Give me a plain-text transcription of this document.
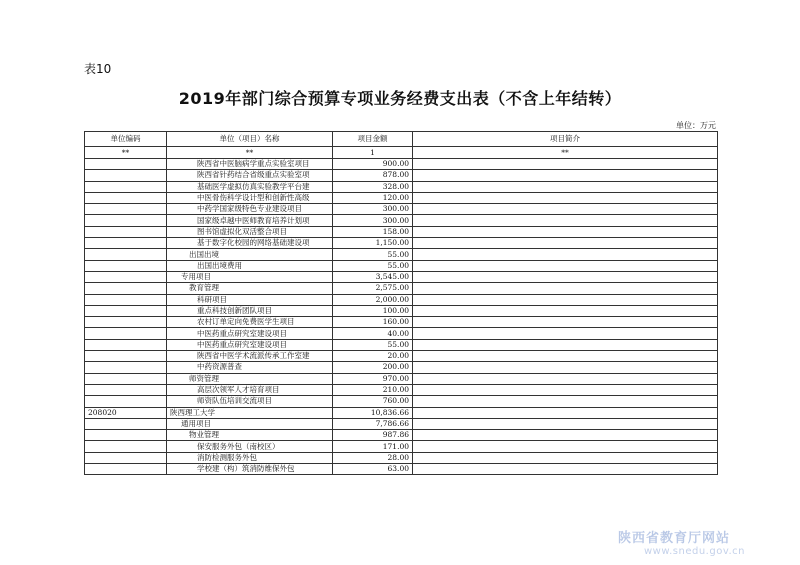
表10
2019年部门综合预算专项业务经费支出表（不含上年结转）
单位：万元
单位编码	单位（项目）名称	项目金额	项目简介
**	**	1	**
	陕西省中医脑病学重点实验室项目	900.00	
	陕西省针药结合省级重点实验室项	878.00	
	基础医学虚拟仿真实验教学平台建	328.00	
	中医骨伤科学设计型和创新性高级	120.00	
	中药学国家级特色专业建设项目	300.00	
	国家级卓越中医师教育培养计划项	300.00	
	图书馆虚拟化双活整合项目	158.00	
	基于数字化校园的网络基础建设项	1,150.00	
	出国出境	55.00	
	出国出境费用	55.00	
	专用项目	3,545.00	
	教育管理	2,575.00	
	科研项目	2,000.00	
	重点科技创新团队项目	100.00	
	农村订单定向免费医学生项目	160.00	
	中医药重点研究室建设项目	40.00	
	中医药重点研究室建设项目	55.00	
	陕西省中医学术流派传承工作室建	20.00	
	中药资源普查	200.00	
	师资管理	970.00	
	高层次领军人才培育项目	210.00	
	师资队伍培训交流项目	760.00	
208020	陕西理工大学	10,836.66	
	通用项目	7,786.66	
	物业管理	987.86	
	保安服务外包（南校区）	171.00	
	消防检测服务外包	28.00	
	学校建（构）筑消防维保外包	63.00	
陕西省教育厅网站
www.snedu.gov.cn
